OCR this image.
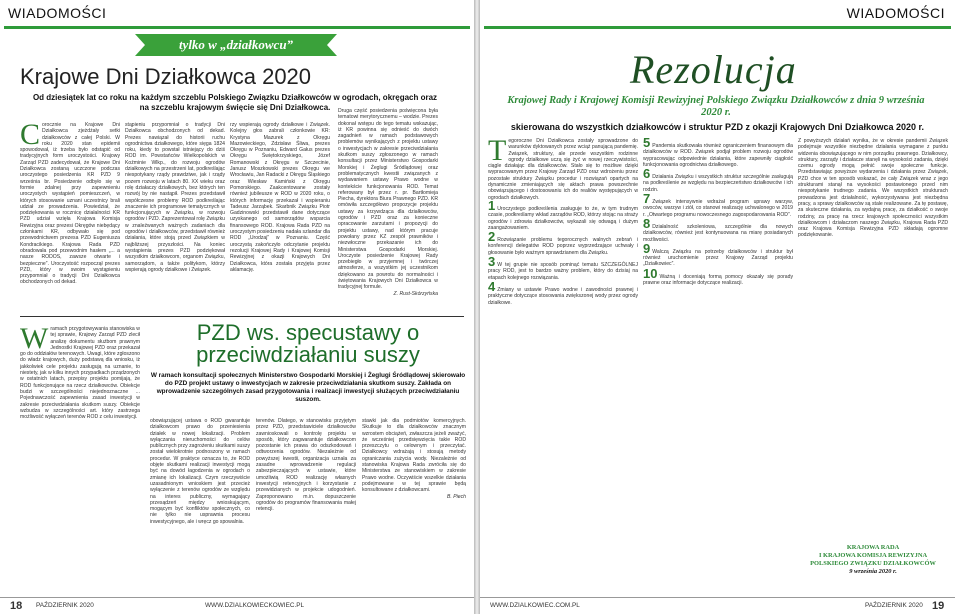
WIADOMOŚCI
tylko w „działkowcu”
Krajowe Dni Działkowca 2020
Od dziesiątek lat co roku na każdym szczeblu Polskiego Związku Działkowców w ogrodach, okręgach oraz na szczeblu krajowym święcie się Dni Działkowca.
C orocznie na Krajowe Dni Działkowca zjeżdżały setki działkowców z całej Polski. W roku 2020 stan epidemii spowodował, iż trzeba było odstąpić od tradycyjnych form uroczystości. Krajowy Zarząd PZD zadecydował, że Krajowe Dni Działkowca zostaną uczczone podczas uroczystego posiedzenia KR PZD 9 września br. Posiedzenie odbyło się w formie zdalnej przy zapewnieniu uroczystych wystąpień pomieszczeń, w których stosowanie uznani uczestnicy brali udział ze prowadzenia. Powiedział, że podziękowania w rocznicę działalności KR PZD udział wzięła Krajowa Komisja Rewizyjna oraz prezesi Okręgów niebędący członkami KR, odbywało się pod przewodnictwem prezesa PZD Eugeniusza Kondracikiego. Krajowa Rada PZD obradowała pod przewodnim hasłem „... a nasze RODOS, zawsze otwarte i bezpieczne”. Uroczystość rozpoczął prezes PZD, który w swoim wystąpieniu przypomniał o tradycji Dni Działkowca obchodzonych od dekad.
stąpieniu przypomniał o tradycji Dni Działkowca obchodzonych od dekad. Prezes nawiązał do historii ruchu ogrodnictwa działkowego, które sięga 1824 roku, kiedy to powstał istniejący do dziś ROD im. Powstańców Wielkopolskich w Koźminie Wlkp., do rozwoju ogrodów działkowych na przestrzeni lat, podkreślając niespotykany rządy prawdziwe, jak i rządy pozem rozwoju w latach 80. XX wieku oraz rolę działaczy działkowych, bez których ten rozwój by nie nastąpił. Prezes przedstawił współczesne problemy ROD podkreślając znaczenie ich programowe tematycznych w funkcjonujących w Związku, w rozwoju ogrodów i PZD. Zaprezentował rolę Związku w znaleźwanych ważnych zadaniach dla ogrodów i działkowców, przedstawił również działania, które stoją przed Związkiem w najbliższej przyszłości. Na koniec wystąpienia prezes PZD podziękował wszystkim działkowcom, organom Związku, samorządom, a także politykom, którzy wspierają ogrody działkowe i Związek.
rzy wspierają ogrody działkowe i Związek. Kolejny głos zabrali członkowie KR: Krystyna Mazurek z Okręgu Mazowieckiego, Zdzisław Śliwa, prezes Okręgu w Poznaniu, Edward Gałus prezes Okręgu Świętokrzyskiego, Józef Romanowski z Okręgu w Szczecinie, Janusz Moszkowski prezes Okręgu we Wrocławiu, Jan Radacki z Okręgu Śląskiego oraz Wiesław Kamiński z Okręgu Pomorskiego. Zaakcentowane zostały również jubileusze w ROD w 2020 roku, o których informację przekazał i wspieraniu Tadeusz Jarząbek. Skarbnik Związku Piotr Gadzinowski przedstawił dane dotyczące uzyskanego od samorządów wsparcia finansowego ROD. Krajowa Rada PZD na uroczystym posiedzeniu nadała szlandar dla ROD „Urodzaj” w Poznaniu. Część uroczystą zakończyło odczytanie projektu rezolucji Krajowej Rady i Krajowej Komisji Rewizyjnej z okazji Krajowych Dni Działkowca, która została przyjęta przez aklamację.
Druga część posiedzenia poświęcona była tematowi merytorycznemu – wodzie. Prezes dokonał wstępu do tego tematu wskazując, iż KR powinna się odnieść do dwóch zagadnień w ramach podstawowych problemów wynikających z projektu ustawy o inwestycjach w zakresie przeciwdziałania skutkom suszy zgłoszonego w ramach konsultacji przez Ministerstwo Gospodarki Morskiej i Żeglugi Śródlądowej oraz problematycznych kwestii związanych z wydawaniem ustawy Prawo wodne w kontekście funkcjonowania ROD. Temat referowany był przez r. pr. Bartłomieja Piecha, dyrektora Biura Prawnego PZD. KR omówiła szczegółowo propozycje projektu ustawy za krzywdząca dla działkowców, ogrodów i PZD oraz za konieczne opracowanie zarzutami i propozycji do projektu ustawy, nad którym pracuje powołany przez KZ zespół prawników i niezwłoczne przekazanie ich do Ministerstwa Gospodarki Morskiej. Uroczyste posiedzenie Krajowej Rady przebiegło w przyjemnej i twórczej atmosferze, a wszystkim jej uczestnikom dziękowano za powrotu do normalności i świętowania Krajowych Dni Działkowca w tradycyjnej formule.
Z. Rust-Skórzyńska
W ramach przygotowywania stanowiska w tej sprawie, Krajowy Zarząd PZD zlecił analizę dokumentu służbom prawnym Jednostki Krajowej PZD oraz przekazał go do oddziałów terenowych. Uwagi, które zgłoszono do władz krajowych, duży podstawą dla wniosku, iż jakkolwiek cele projektu zasługują na uznanie, to niestety, jak w kilku innych przypadkach prządzonych w ostatnich latach, przepisy projektu pomijają, że ROD funkcjonujące na rzecz działkowców. Obiekcje budzi w szczególności niejednoznaczne ... Pojednawczość zapewnienia zasad inwestycji w zakresie przeciwdziałania skutkom suszy. Obiekcje wzbudza w szczególności art. który zastrzega możliwość wyłączeń terenów ROD z celu inwestycji.
PZD ws. specustawy o przeciwdziałaniu suszy
W ramach konsultacji społecznych Ministerstwo Gospodarki Morskiej i Żeglugi Śródlądowej skierowało do PZD projekt ustawy o inwestycjach w zakresie przeciwdziałania skutkom suszy. Zakłada on wprowadzenie szczególnych zasad przygotowania i realizacji inwestycji służących przeciwdziałaniu suszom.
obowiązującej ustawa o ROD gwarantuje działkowcom prawo do przeniesienia działek w nowej lokalizacji. Problem wyłączania nieruchomości do celów publicznych przy zagrożeniu skutkami suszy został wielokrotnie podnoszony w ramach procedur. W praktyce oznacza to, że ROD objęte skutkami realizacji inwestycji mogą być na dowód łagodzenia w ogrodach o zmianę ich lokalizacji. Czym rzeczywiście uzasadnionym wnioskiem jest przecież wyłączenie z terenów ogrodów ze względu na interes publiczny, wymagający przesądzeń między wnioskującym, mogącym być konfliktów społecznych, co nie tylko nie usprawnia procesu inwestycyjnego, ale i wręcz go spowalnia.
terenów. Dlatego, w stanowisku przyjętym przez PZD, przedstawiciele działkowców zawnioskowali o kontrolę projektu w sposób, który zagwarantuje działkowcom pozostanie ich prawa do odszkodowań i odtworzenia ogrodów. Niezależnie od powyższej kwestii, organizacja uznała za zasadne wprowadzenie regulacji zabezpieczających w ustawie, które umożliwią ROD realizację własnych inwestycji retencyjnych i korzystanie z przewidzianych w projekcie udogodnień. Zaproponowano m.in. dopuszczenie ogrodów do programów finansowania małej retencji.
stawki jak dla podmiotów komercyjnych. Skutkuje to dla działkowców znacznym wzrostem obciążeń, zwłaszcza jeżeli zważyć, że wcześniej przedsięwzięcia takie ROD przeszczytu o celownym i przeczytać. Działkowcy wdrażają i stosują metody ograniczania zużycia wody. Niezależnie od stanowiska Krajowa Rada zwróciła się do Ministerstwa ze stanowiskiem w zakresie Prawo wodne. Oczywiście wszelkie działania podejmowane w tej sprawie będą konsultowane z działkowcami.
B. Piech
18 PAŹDZIERNIK 2020	WWW.DZIALKOWIECKOWIEC.PL
WIADOMOŚCI
Rezolucja
Krajowej Rady i Krajowej Komisji Rewizyjnej Polskiego Związku Działkowców z dnia 9 września 2020 r.
skierowana do wszystkich działkowców i struktur PZD z okazji Krajowych Dni Działkowca 2020 r.
T egoroczne Dni Działkowca zostały sprowadzone do warunków dyktowanych przez wciąż panującą pandemię. Związek, struktury, ale przede wszystkim rodzinne ogrody działkowe uczą się żyć w nowej rzeczywistości, ciągle działając dla działkowców. Stało się to możliwe dzięki wypracowanym przez Krajowy Zarząd PZD oraz wdrożeniu przez pozostałe struktury Związku procedur i rozwiązań opartych na dynamicznie zmieniających się aktach prawa powszechnie obowiązującego i dostosowaniu ich do realiów występujących w ogrodach działkowych.

1 Uroczystego podkreślenia zasługuje to że, w tym trudnym czasie, podkreślamy wkład zarządów ROD, którzy stojąc na straży ogrodów i zdrowia działkowców, wykazali się odwagą i dużym zaangażowaniem.

2 Rozwiązanie problemu tegorocznych walnych zebrań i konferencji delegatów ROD poprzez wyprzedzające uchwały i głosowanie było ważnym sprawdzianem dla Związku.

3 W tej grupie nie sposób pominąć tematu SZCZEGÓLNEJ pracy ROD, jest to bardzo ważny problem, który do dzisiaj na etapach kolejnego rozwiązania.

4 Zmiany w ustawie Prawo wodne i zawodności prawnej i praktyczne dotyczące stosowania zwiększonej wody przez ogrody działkowe.

5 Pandemia skutkowała również ograniczeniem finansowym dla działkowców w ROD. Związek podjął problem rozwoju ogrodów wypracowując odpowiednie działania, które zapewniły ciągłość funkcjonowania ogrodnictwa działkowego.

6 Działania Związku i wszystkich struktur szczególnie zasługują na podkreślenie ze względu na bezpieczeństwo działkowców i ich rodzin.

7 Związek intensywnie wdrażał program uprawy warzyw, owoców, warzyw i ziół, co stanowi realizację uchwalonego w 2019 r. „Otwartego programu nowoczesnego zagospodarowania ROD”.

8 Działalność szkoleniowa, szczególnie dla nowych działkowców, również jest kontynuowana na miarę posiadanych możliwości.

9 Walczą Związku na potrzeby działkowców i struktur był również uruchomienie przez Krajowy Zarząd projektu „Działkowiec”.

10 Ważną i doceniają formą pomocy okazały się porady prawne oraz informacje dotyczące realizacji.

Z powyższych działań wynika, że w okresie pandemii Związek podejmuje wszystkie niezbędne działania wymagane z punktu widzenia obowiązującego w nim porządku prawnego. Działkowcy, struktury, zarządy i działacze stanęli na wysokości zadania, dzięki czemu ogrody mogą pełnić swoje społeczne funkcje. Przedstawiając powyższe wydarzenia i działania przez Związek, PZD chce w ten sposób wskazać, że cały Związek wraz z jego strukturami stanął na wysokości postawionego przed nim niespotykanie trudnego zadania. We wszystkich strukturach prowadzona jest działalność, wykorzystywana jest niezbędna pracy, a sprawy działkowców są stale realizowane. Za tę postawę, za skuteczne działania, za wydajną pracę, za działkość o swoje rodziny, za pracę na rzecz krajowych społeczności wszystkim działkowcom i działaczom naszego Związku, Krajowa Rada PZD oraz Krajowa Komisja Rewizyjna PZD składają ogromne podziękowanie.
KRAJOWA RADA
I KRAJOWA KOMISJA REWIZYJNA
POLSKIEGO ZWIĄZKU DZIAŁKOWCÓW
9 września 2020 r.
WWW.DZIALKOWIEC.COM.PL	PAŹDZIERNIK 2020 19
